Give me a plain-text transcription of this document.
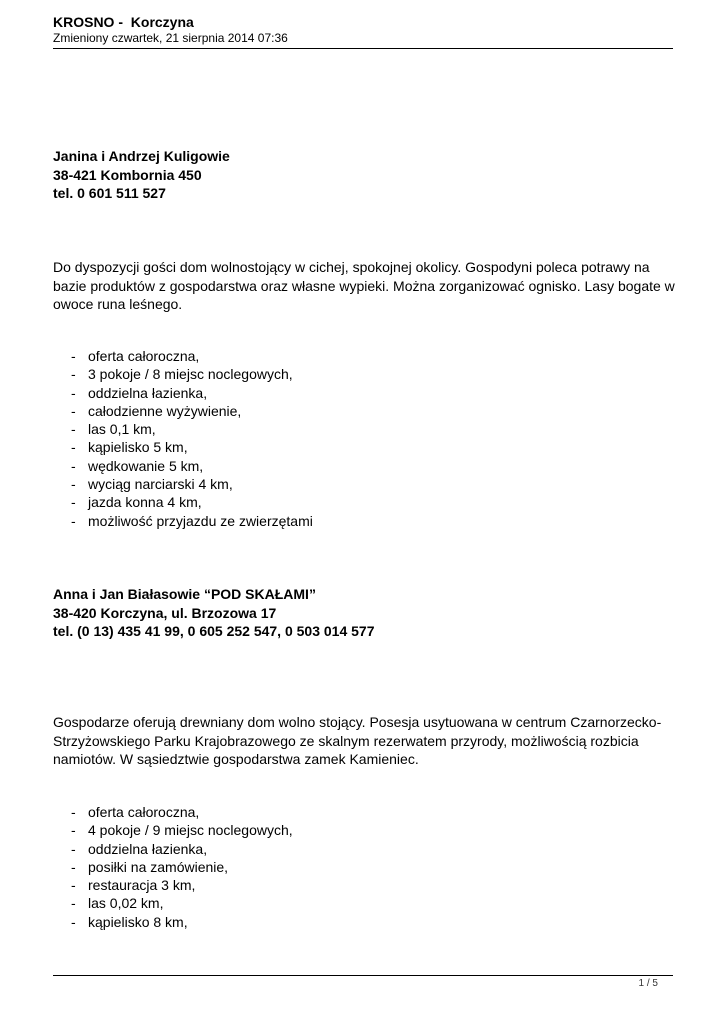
KROSNO -  Korczyna
Zmieniony czwartek, 21 sierpnia 2014 07:36
Janina i Andrzej Kuligowie
38-421 Kombornia 450
tel. 0 601 511 527
Do dyspozycji gości dom wolnostojący w cichej, spokojnej okolicy. Gospodyni poleca potrawy na bazie produktów z gospodarstwa oraz własne wypieki. Można zorganizować ognisko. Lasy bogate w owoce runa leśnego.
- oferta całoroczna,
- 3 pokoje / 8 miejsc noclegowych,
- oddzielna łazienka,
- całodzienne wyżywienie,
- las 0,1 km,
- kąpielisko 5 km,
- wędkowanie 5 km,
- wyciąg narciarski 4 km,
- jazda konna 4 km,
- możliwość przyjazdu ze zwierzętami
Anna i Jan Białasowie “POD SKAŁAMI”
38-420 Korczyna, ul. Brzozowa 17
tel. (0 13) 435 41 99, 0 605 252 547, 0 503 014 577
Gospodarze oferują drewniany dom wolno stojący. Posesja usytuowana w centrum Czarnorzecko- Strzyżowskiego Parku Krajobrazowego ze skalnym rezerwatem przyrody, możliwością rozbicia namiotów. W sąsiedztwie gospodarstwa zamek Kamieniec.
- oferta całoroczna,
- 4 pokoje / 9 miejsc noclegowych,
- oddzielna łazienka,
- posiłki na zamówienie,
- restauracja 3 km,
- las 0,02 km,
- kąpielisko 8 km,
1 / 5
